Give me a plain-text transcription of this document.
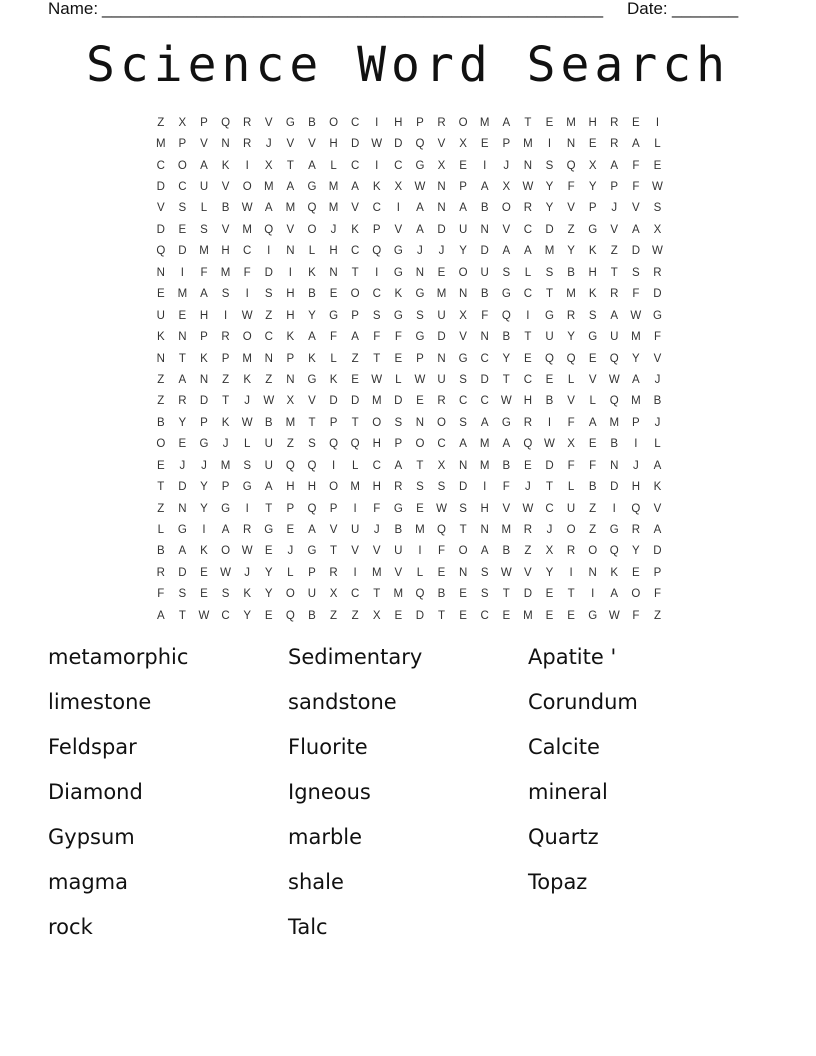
Name: _____________________________________________________ Date: _______
Science Word Search
Z	X	P	Q	R	V	G	B	O	C	I	H	P	R	O	M	A	T	E	M	H	R	E	I
M	P	V	N	R	J	V	V	H	D	W	D	Q	V	X	E	P	M	I	N	E	R	A	L
C	O	A	K	I	X	T	A	L	C	I	C	G	X	E	I	J	N	S	Q	X	A	F	E
D	C	U	V	O	M	A	G	M	A	K	X	W	N	P	A	X	W	Y	F	Y	P	F	W
V	S	L	B	W	A	M	Q	M	V	C	I	A	N	A	B	O	R	Y	V	P	J	V	S
D	E	S	V	M	Q	V	O	J	K	P	V	A	D	U	N	V	C	D	Z	G	V	A	X
Q	D	M	H	C	I	N	L	H	C	Q	G	J	J	Y	D	A	A	M	Y	K	Z	D	W
N	I	F	M	F	D	I	K	N	T	I	G	N	E	O	U	S	L	S	B	H	T	S	R
E	M	A	S	I	S	H	B	E	O	C	K	G	M	N	B	G	C	T	M	K	R	F	D
U	E	H	I	W	Z	H	Y	G	P	S	G	S	U	X	F	Q	I	G	R	S	A	W	G
K	N	P	R	O	C	K	A	F	A	F	F	G	D	V	N	B	T	U	Y	G	U	M	F
N	T	K	P	M	N	P	K	L	Z	T	E	P	N	G	C	Y	E	Q	Q	E	Q	Y	V
Z	A	N	Z	K	Z	N	G	K	E	W	L	W	U	S	D	T	C	E	L	V	W	A	J
Z	R	D	T	J	W	X	V	D	D	M	D	E	R	C	C	W	H	B	V	L	Q	M	B
B	Y	P	K	W	B	M	T	P	T	O	S	N	O	S	A	G	R	I	F	A	M	P	J
O	E	G	J	L	U	Z	S	Q	Q	H	P	O	C	A	M	A	Q	W	X	E	B	I	L
E	J	J	M	S	U	Q	Q	I	L	C	A	T	X	N	M	B	E	D	F	F	N	J	A
T	D	Y	P	G	A	H	H	O	M	H	R	S	S	D	I	F	J	T	L	B	D	H	K
Z	N	Y	G	I	T	P	Q	P	I	F	G	E	W	S	H	V	W	C	U	Z	I	Q	V
L	G	I	A	R	G	E	A	V	U	J	B	M	Q	T	N	M	R	J	O	Z	G	R	A
B	A	K	O	W	E	J	G	T	V	V	U	I	F	O	A	B	Z	X	R	O	Q	Y	D
R	D	E	W	J	Y	L	P	R	I	M	V	L	E	N	S	W	V	Y	I	N	K	E	P
F	S	E	S	K	Y	O	U	X	C	T	M	Q	B	E	S	T	D	E	T	I	A	O	F
A	T	W	C	Y	E	Q	B	Z	Z	X	E	D	T	E	C	E	M	E	E	G	W	F	Z
metamorphic	Sedimentary	Apatite '
limestone	sandstone	Corundum
Feldspar	Fluorite	Calcite
Diamond	Igneous	mineral
Gypsum	marble	Quartz
magma	shale	Topaz
rock	Talc
